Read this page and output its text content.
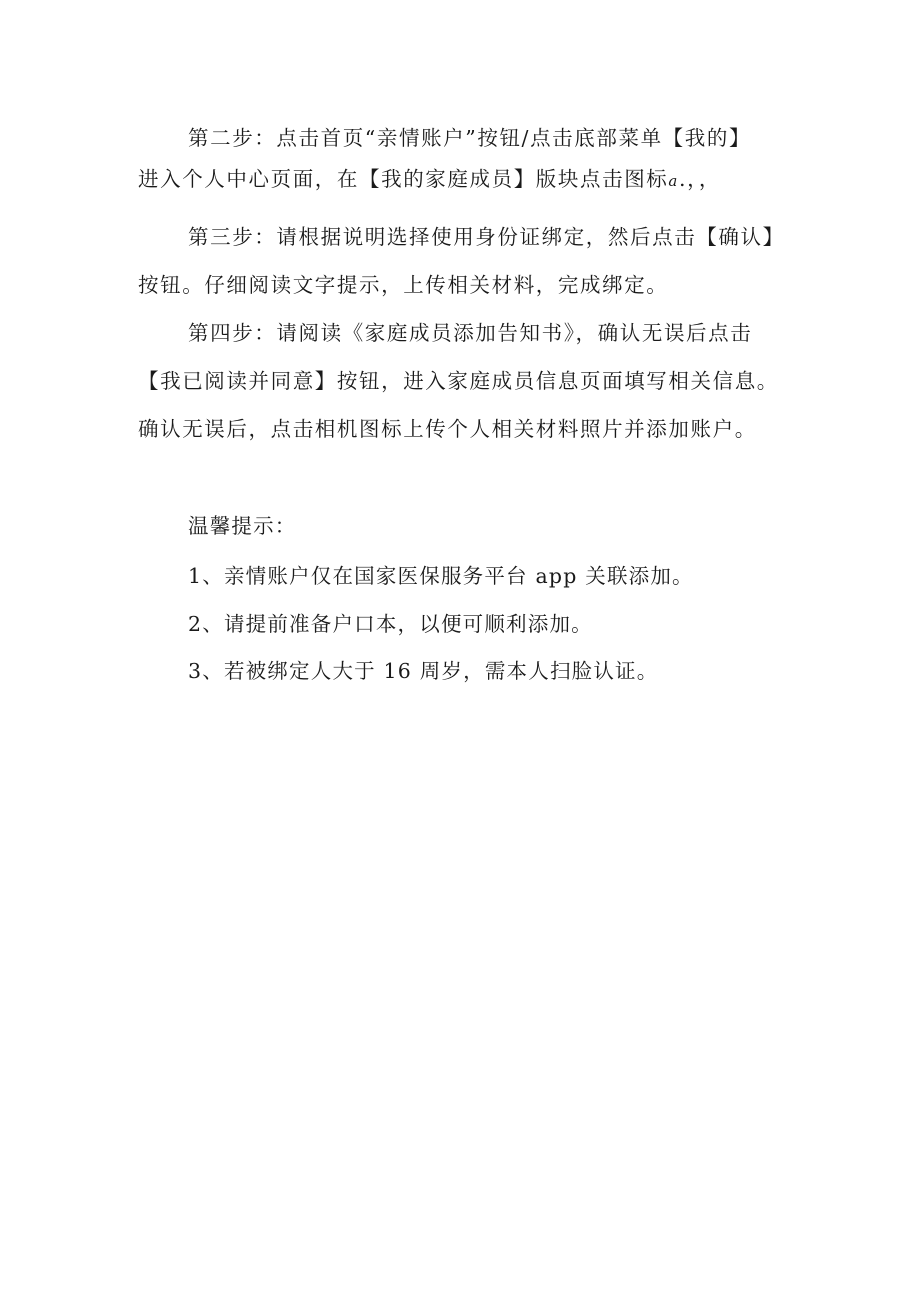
第二步：点击首页“亲情账户”按钮/点击底部菜单【我的】
进入个人中心页面，在【我的家庭成员】版块点击图标a.，，
第三步：请根据说明选择使用身份证绑定，然后点击【确认】
按钮。仔细阅读文字提示，上传相关材料，完成绑定。
第四步：请阅读《家庭成员添加告知书》，确认无误后点击
【我已阅读并同意】按钮，进入家庭成员信息页面填写相关信息。
确认无误后，点击相机图标上传个人相关材料照片并添加账户。
温馨提示：
1、亲情账户仅在国家医保服务平台 app 关联添加。
2、请提前准备户口本，以便可顺利添加。
3、若被绑定人大于 16 周岁，需本人扫脸认证。
